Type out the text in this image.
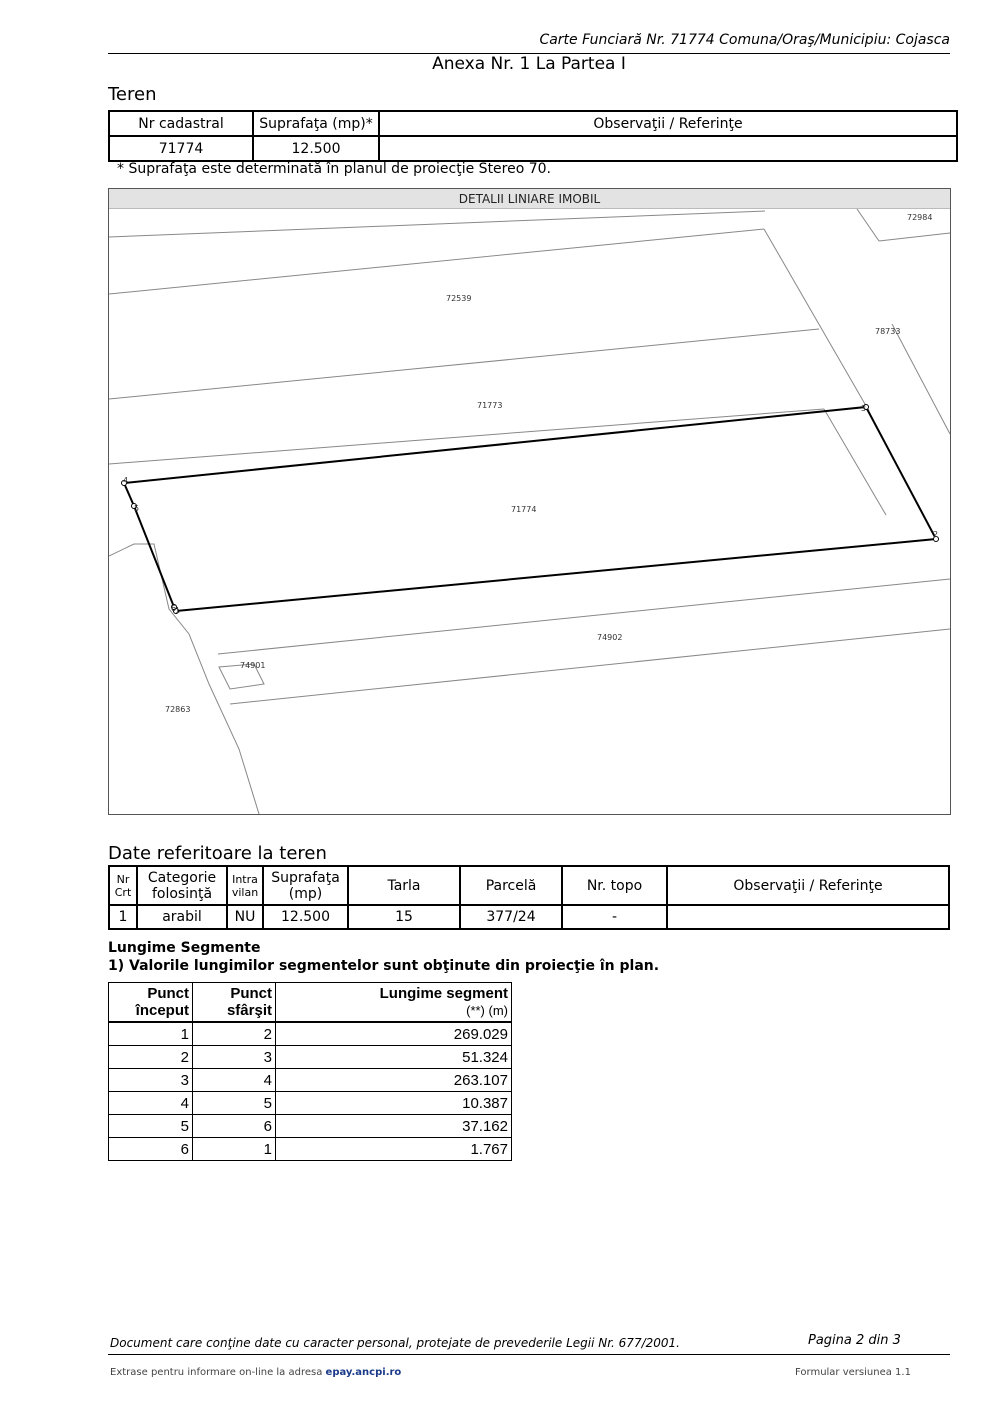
Carte Funciară Nr. 71774 Comuna/Oraş/Municipiu: Cojasca
Anexa Nr. 1 La Partea I
Teren
Nr cadastral	Suprafaţa (mp)*	Observaţii / Referinţe
71774	12.500	
* Suprafaţa este determinată în planul de proiecţie Stereo 70.
DETALII LINIARE IMOBIL
72984
72539
78733
71773
71774
74902
74901
72863
1
2
3
4
5
6
Date referitoare la teren
Nr Crt	Categorie folosinţă	Intra vilan	Suprafaţa (mp)	Tarla	Parcelă	Nr. topo	Observaţii / Referinţe
1	arabil	NU	12.500	15	377/24	-	
Lungime Segmente
1) Valorile lungimilor segmentelor sunt obţinute din proiecţie în plan.
Punct început	Punct sfârşit	Lungime segment
(**) (m)

1	2	269.029
2	3	51.324
3	4	263.107
4	5	10.387
5	6	37.162
6	1	1.767
Document care conţine date cu caracter personal, protejate de prevederile Legii Nr. 677/2001.	Pagina 2 din 3
Extrase pentru informare on-line la adresa epay.ancpi.ro	Formular versiunea 1.1
